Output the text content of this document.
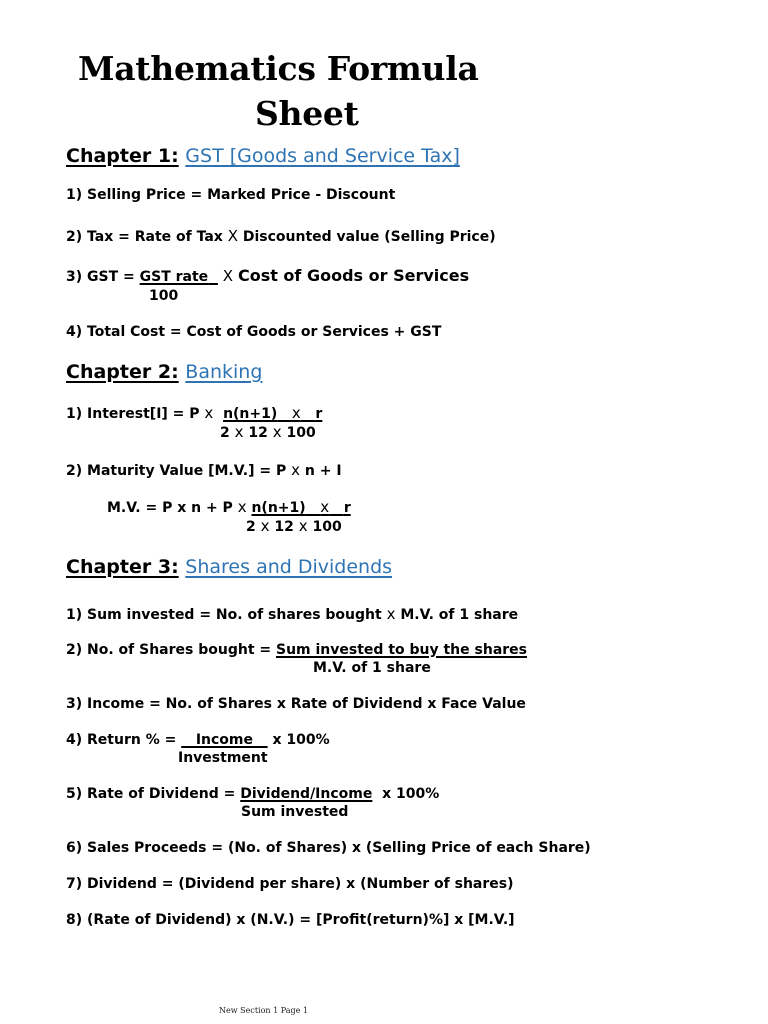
Mathematics Formula
Sheet
Chapter 1: GST [Goods and Service Tax]
1) Selling Price = Marked Price - Discount
2) Tax = Rate of Tax X Discounted value (Selling Price)
3) GST = GST rate X Cost of Goods or Services
100
4) Total Cost = Cost of Goods or Services + GST
Chapter 2: Banking
1) Interest[I] = P x n(n+1) x r
2 x 12 x 100
2) Maturity Value [M.V.] = P x n + I
M.V. = P x n + P x n(n+1) x r
2 x 12 x 100
Chapter 3: Shares and Dividends
1) Sum invested = No. of shares bought x M.V. of 1 share
2) No. of Shares bought = Sum invested to buy the shares
M.V. of 1 share
3) Income = No. of Shares x Rate of Dividend x Face Value
4) Return % =    Income    x 100%
Investment
5) Rate of Dividend = Dividend/Income  x 100%
Sum invested
6) Sales Proceeds = (No. of Shares) x (Selling Price of each Share)
7) Dividend = (Dividend per share) x (Number of shares)
8) (Rate of Dividend) x (N.V.) = [Profit(return)%] x [M.V.]
New Section 1 Page 1
